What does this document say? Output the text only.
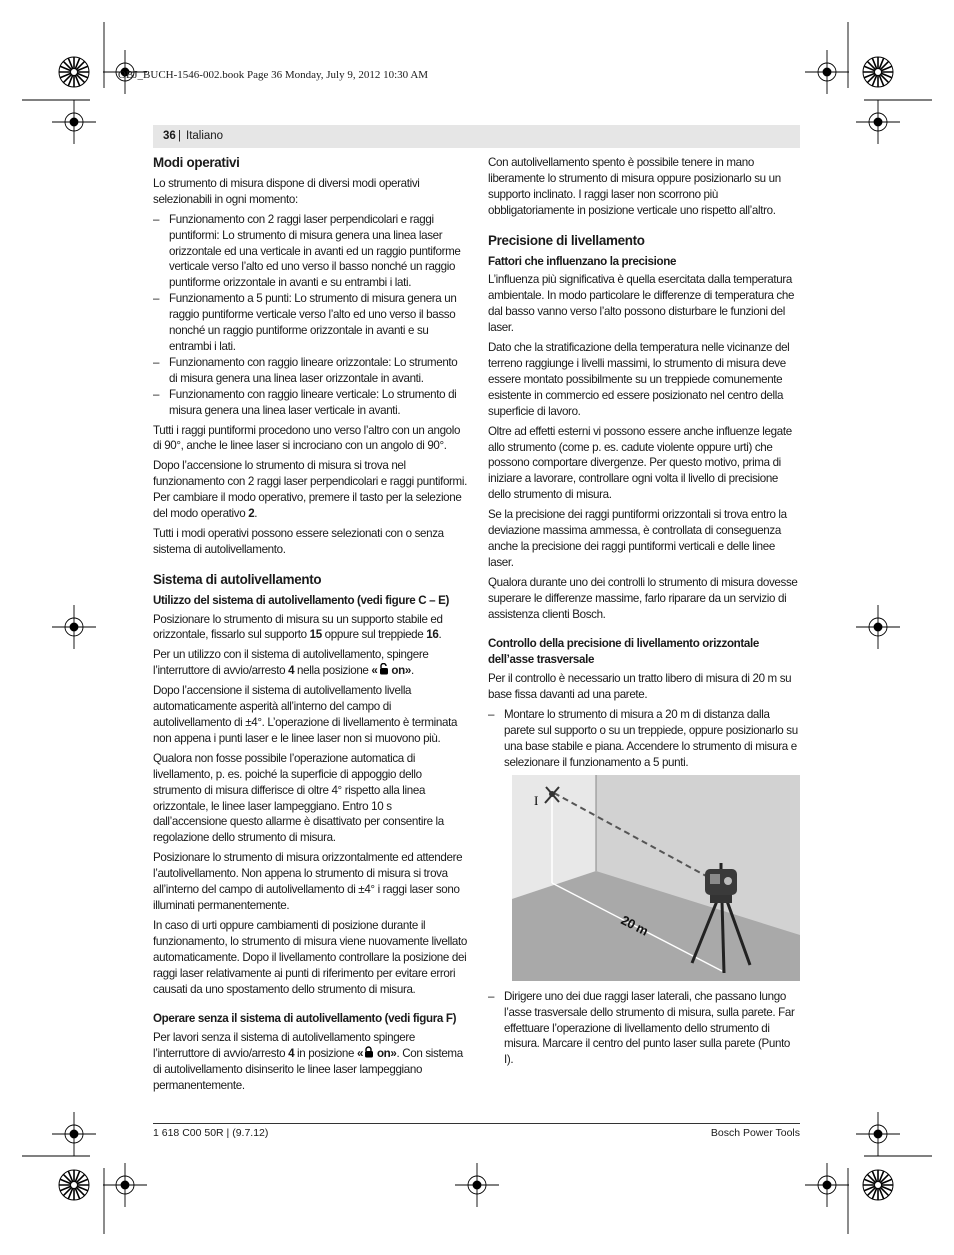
OBJ_BUCH-1546-002.book Page 36 Monday, July 9, 2012 10:30 AM
36 | Italiano
Modi operativi

Lo strumento di misura dispone di diversi modi operativi selezionabili in ogni momento:

– Funzionamento con 2 raggi laser perpendicolari e raggi puntiformi: Lo strumento di misura genera una linea laser orizzontale ed una verticale in avanti ed un raggio puntiforme verticale verso l’alto ed uno verso il basso nonché un raggio puntiforme orizzontale in avanti e su entrambi i lati.
– Funzionamento a 5 punti: Lo strumento di misura genera un raggio puntiforme verticale verso l’alto ed uno verso il basso nonché un raggio puntiforme orizzontale in avanti e su entrambi i lati.
– Funzionamento con raggio lineare orizzontale: Lo strumento di misura genera una linea laser orizzontale in avanti.
– Funzionamento con raggio lineare verticale: Lo strumento di misura genera una linea laser verticale in avanti.

Tutti i raggi puntiformi procedono uno verso l’altro con un angolo di 90°, anche le linee laser si incrociano con un angolo di 90°.

Dopo l’accensione lo strumento di misura si trova nel funzionamento con 2 raggi laser perpendicolari e raggi puntiformi. Per cambiare il modo operativo, premere il tasto per la selezione del modo operativo 2.

Tutti i modi operativi possono essere selezionati con o senza sistema di autolivellamento.

Sistema di autolivellamento
Utilizzo del sistema di autolivellamento (vedi figure C – E)

Posizionare lo strumento di misura su un supporto stabile ed orizzontale, fissarlo sul supporto 15 oppure sul treppiede 16.

Per un utilizzo con il sistema di autolivellamento, spingere l’interruttore di avvio/arresto 4 nella posizione « on».

Dopo l’accensione il sistema di autolivellamento livella automaticamente asperità all’interno del campo di autolivellamento di ±4°. L’operazione di livellamento è terminata non appena i punti laser e le linee laser non si muovono più.

Qualora non fosse possibile l’operazione automatica di livellamento, p. es. poiché la superficie di appoggio dello strumento di misura differisce di oltre 4° rispetto alla linea orizzontale, le linee laser lampeggiano. Entro 10 s dall’accensione questo allarme è disattivato per consentire la regolazione dello strumento di misura.

Posizionare lo strumento di misura orizzontalmente ed attendere l’autolivellamento. Non appena lo strumento di misura si trova all’interno del campo di autolivellamento di ±4° i raggi laser sono illuminati permanentemente.

In caso di urti oppure cambiamenti di posizione durante il funzionamento, lo strumento di misura viene nuovamente livellato automaticamente. Dopo il livellamento controllare la posizione dei raggi laser relativamente ai punti di riferimento per evitare errori causati da uno spostamento dello strumento di misura.

Operare senza il sistema di autolivellamento (vedi figura F)

Per lavori senza il sistema di autolivellamento spingere l’interruttore di avvio/arresto 4 in posizione « on». Con sistema di autolivellamento disinserito le linee laser lampeggiano permanentemente.

Con autolivellamento spento è possibile tenere in mano liberamente lo strumento di misura oppure posizionarlo su un supporto inclinato. I raggi laser non scorrono più obbligatoriamente in posizione verticale uno rispetto all’altro.

Precisione di livellamento
Fattori che influenzano la precisione

L’influenza più significativa è quella esercitata dalla temperatura ambientale. In modo particolare le differenze di temperatura che dal basso vanno verso l’alto possono disturbare le funzioni del laser.

Dato che la stratificazione della temperatura nelle vicinanze del terreno raggiunge i livelli massimi, lo strumento di misura deve essere montato possibilmente su un treppiede comunemente esistente in commercio ed essere posizionato nel centro della superficie di lavoro.

Oltre ad effetti esterni vi possono essere anche influenze legate allo strumento (come p. es. cadute violente oppure urti) che possono comportare divergenze. Per questo motivo, prima di iniziare a lavorare, controllare ogni volta il livello di precisione dello strumento di misura.

Se la precisione dei raggi puntiformi orizzontali si trova entro la deviazione massima ammessa, è controllata di conseguenza anche la precisione dei raggi puntiformi verticali e delle linee laser.

Qualora durante uno dei controlli lo strumento di misura dovesse superare le differenze massime, farlo riparare da un servizio di assistenza clienti Bosch.

Controllo della precisione di livellamento orizzontale dell’asse trasversale

Per il controllo è necessario un tratto libero di misura di 20 m su base fissa davanti ad una parete.

– Montare lo strumento di misura a 20 m di distanza dalla parete sul supporto o su un treppiede, oppure posizionarlo su una base stabile e piana. Accendere lo strumento di misura e selezionare il funzionamento a 5 punti.
I
20 m
– Dirigere uno dei due raggi laser laterali, che passano lungo l’asse trasversale dello strumento di misura, sulla parete. Far effettuare l’operazione di livellamento dello strumento di misura. Marcare il centro del punto laser sulla parete (Punto I).
1 618 C00 50R | (9.7.12)	Bosch Power Tools
